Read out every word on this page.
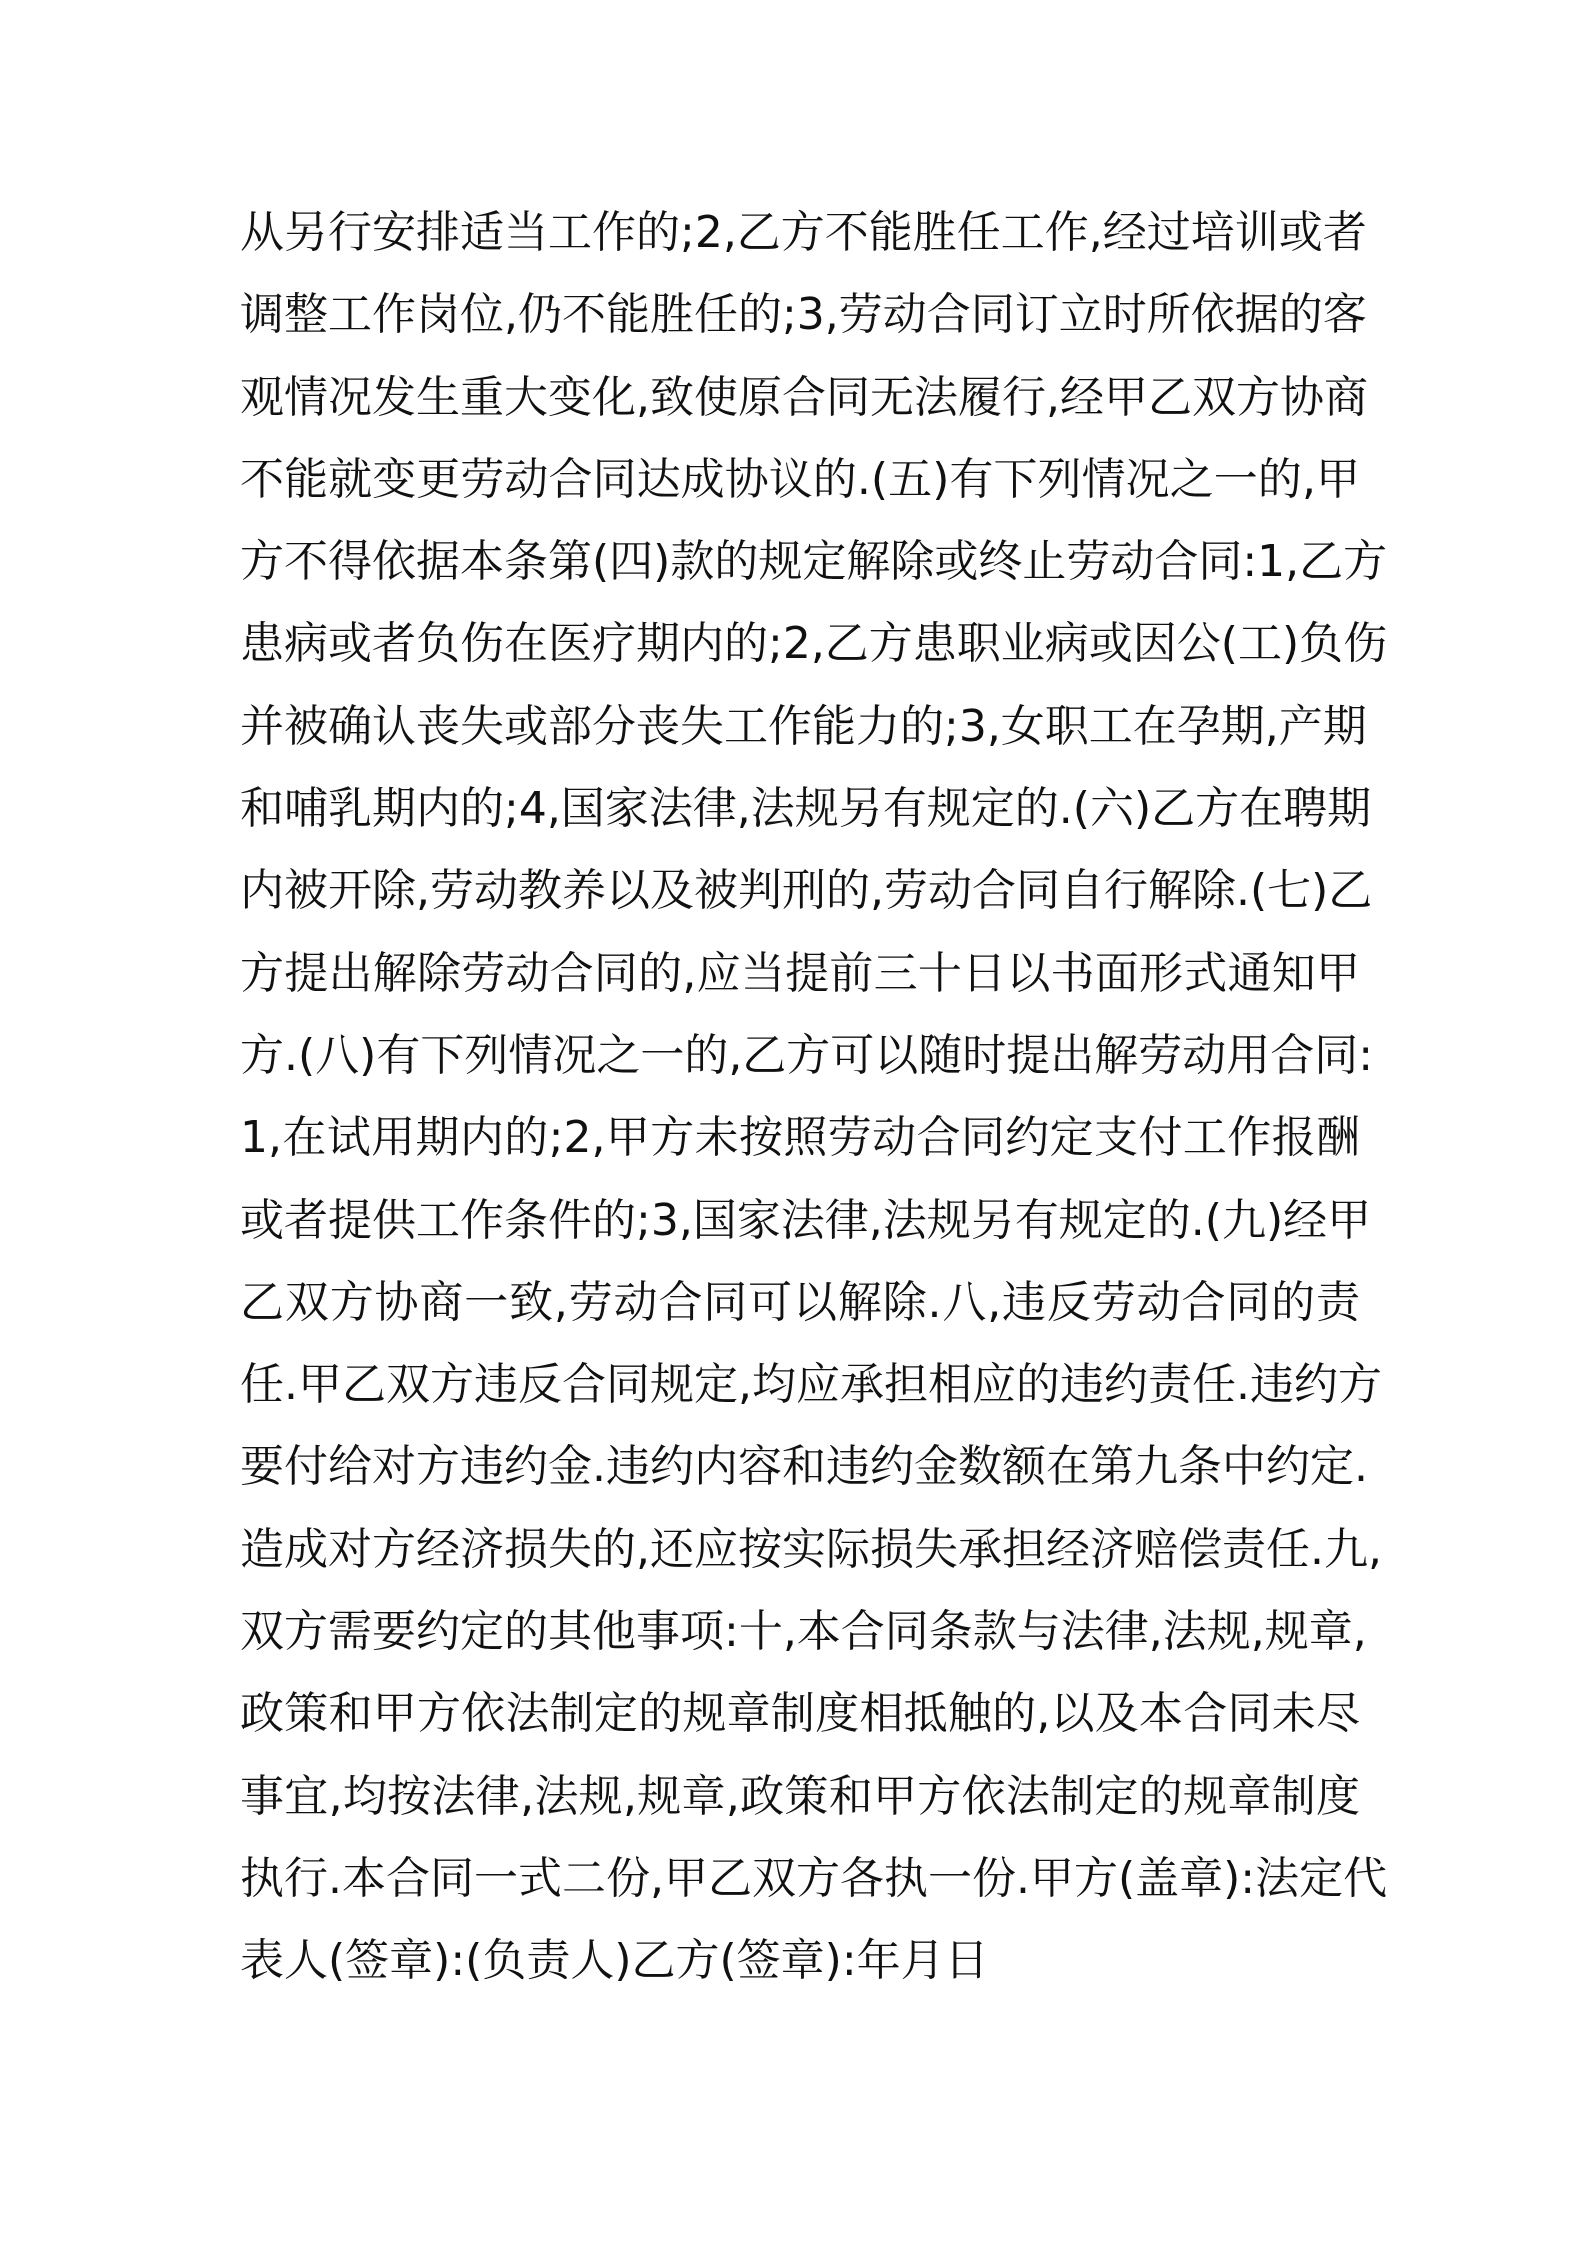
从另行安排适当工作的;2,乙方不能胜任工作,经过培训或者
调整工作岗位,仍不能胜任的;3,劳动合同订立时所依据的客
观情况发生重大变化,致使原合同无法履行,经甲乙双方协商
不能就变更劳动合同达成协议的.(五)有下列情况之一的,甲
方不得依据本条第(四)款的规定解除或终止劳动合同:1,乙方
患病或者负伤在医疗期内的;2,乙方患职业病或因公(工)负伤
并被确认丧失或部分丧失工作能力的;3,女职工在孕期,产期
和哺乳期内的;4,国家法律,法规另有规定的.(六)乙方在聘期
内被开除,劳动教养以及被判刑的,劳动合同自行解除.(七)乙
方提出解除劳动合同的,应当提前三十日以书面形式通知甲
方.(八)有下列情况之一的,乙方可以随时提出解劳动用合同:
1,在试用期内的;2,甲方未按照劳动合同约定支付工作报酬
或者提供工作条件的;3,国家法律,法规另有规定的.(九)经甲
乙双方协商一致,劳动合同可以解除.八,违反劳动合同的责
任.甲乙双方违反合同规定,均应承担相应的违约责任.违约方
要付给对方违约金.违约内容和违约金数额在第九条中约定.
造成对方经济损失的,还应按实际损失承担经济赔偿责任.九,
双方需要约定的其他事项:十,本合同条款与法律,法规,规章,
政策和甲方依法制定的规章制度相抵触的,以及本合同未尽
事宜,均按法律,法规,规章,政策和甲方依法制定的规章制度
执行.本合同一式二份,甲乙双方各执一份.甲方(盖章):法定代
表人(签章):(负责人)乙方(签章):年月日
